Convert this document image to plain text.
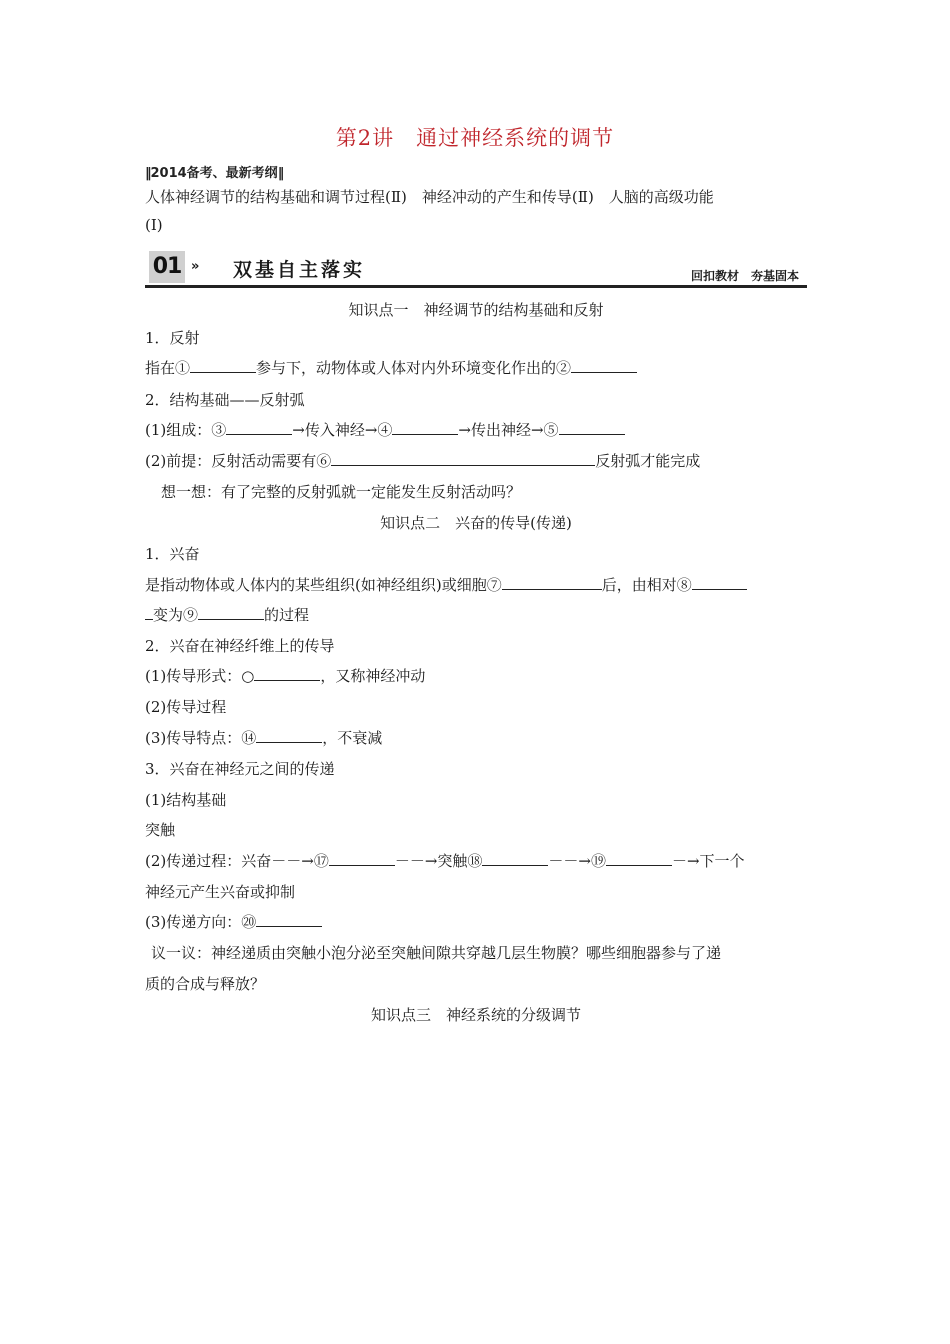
第2讲　通过神经系统的调节
‖2014备考、最新考纲‖
人体神经调节的结构基础和调节过程(Ⅱ)　神经冲动的产生和传导(Ⅱ)　人脑的高级功能
(Ⅰ)
01 » 双基自主落实	回扣教材　夯基固本
知识点一　神经调节的结构基础和反射
1．反射
指在①	参与下，动物体或人体对内外环境变化作出的②
2．结构基础——反射弧
(1)组成：③	→传入神经→④	→传出神经→⑤
(2)前提：反射活动需要有⑥	反射弧才能完成
想一想：有了完整的反射弧就一定能发生反射活动吗？
知识点二　兴奋的传导(传递)
1．兴奋
是指动物体或人体内的某些组织(如神经组织)或细胞⑦	后，由相对⑧
变为⑨	的过程
2．兴奋在神经纤维上的传导
(1)传导形式：○	，又称神经冲动
(2)传导过程
(3)传导特点：⑭	，不衰减
3．兴奋在神经元之间的传递
(1)结构基础
突触
(2)传递过程：兴奋－－→⑰	－－→突触⑱	－－→⑲	－→下一个
神经元产生兴奋或抑制
(3)传递方向：⑳
议一议：神经递质由突触小泡分泌至突触间隙共穿越几层生物膜？哪些细胞器参与了递
质的合成与释放？
知识点三　神经系统的分级调节
